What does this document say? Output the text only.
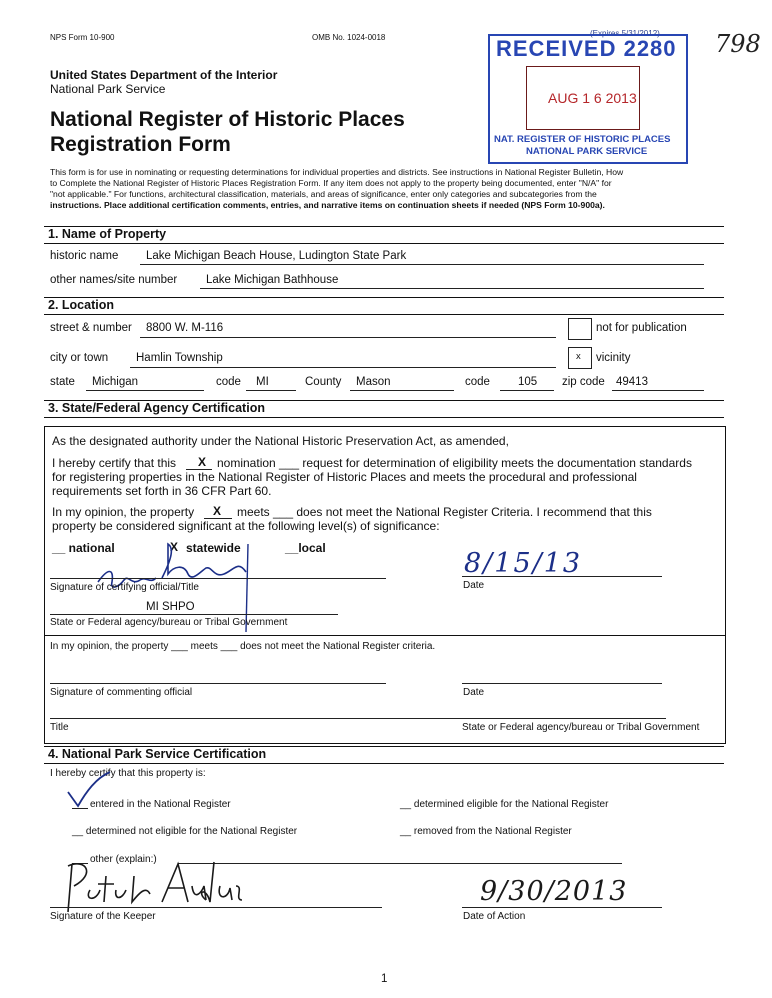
NPS Form 10-900	OMB No. 1024-0018	(Expires 5/31/2012) 798
United States Department of the Interior
National Park Service
National Register of Historic Places
Registration Form
RECEIVED 2280
AUG 1 6 2013
NAT. REGISTER OF HISTORIC PLACES
NATIONAL PARK SERVICE
This form is for use in nominating or requesting determinations for individual properties and districts. See instructions in National Register Bulletin, How
to Complete the National Register of Historic Places Registration Form. If any item does not apply to the property being documented, enter "N/A" for
"not applicable." For functions, architectural classification, materials, and areas of significance, enter only categories and subcategories from the
instructions. Place additional certification comments, entries, and narrative items on continuation sheets if needed (NPS Form 10-900a).
1. Name of Property
historic name Lake Michigan Beach House, Ludington State Park
other names/site number	Lake Michigan Bathhouse
2. Location
street & number 8800 W. M-116	not for publication
city or town Hamlin Township	x vicinity
state Michigan	code MI	County Mason	code 105 zip code 49413
3. State/Federal Agency Certification
As the designated authority under the National Historic Preservation Act, as amended,
I hereby certify that this X nomination ___ request for determination of eligibility meets the documentation standards
for registering properties in the National Register of Historic Places and meets the procedural and professional
requirements set forth in 36 CFR Part 60.
In my opinion, the property X meets ___ does not meet the National Register Criteria. I recommend that this
property be considered significant at the following level(s) of significance:
__ national	X statewide	__local
Signature of certifying official/Title
8/15/13
Date
MI SHPO
State or Federal agency/bureau or Tribal Government
In my opinion, the property ___ meets ___ does not meet the National Register criteria.
Signature of commenting official	Date
Title	State or Federal agency/bureau or Tribal Government
4. National Park Service Certification
I hereby certify that this property is:
entered in the National Register	__ determined eligible for the National Register
__ determined not eligible for the National Register	__ removed from the National Register
other (explain:)
Signature of the Keeper
9/30/2013
Date of Action
1
